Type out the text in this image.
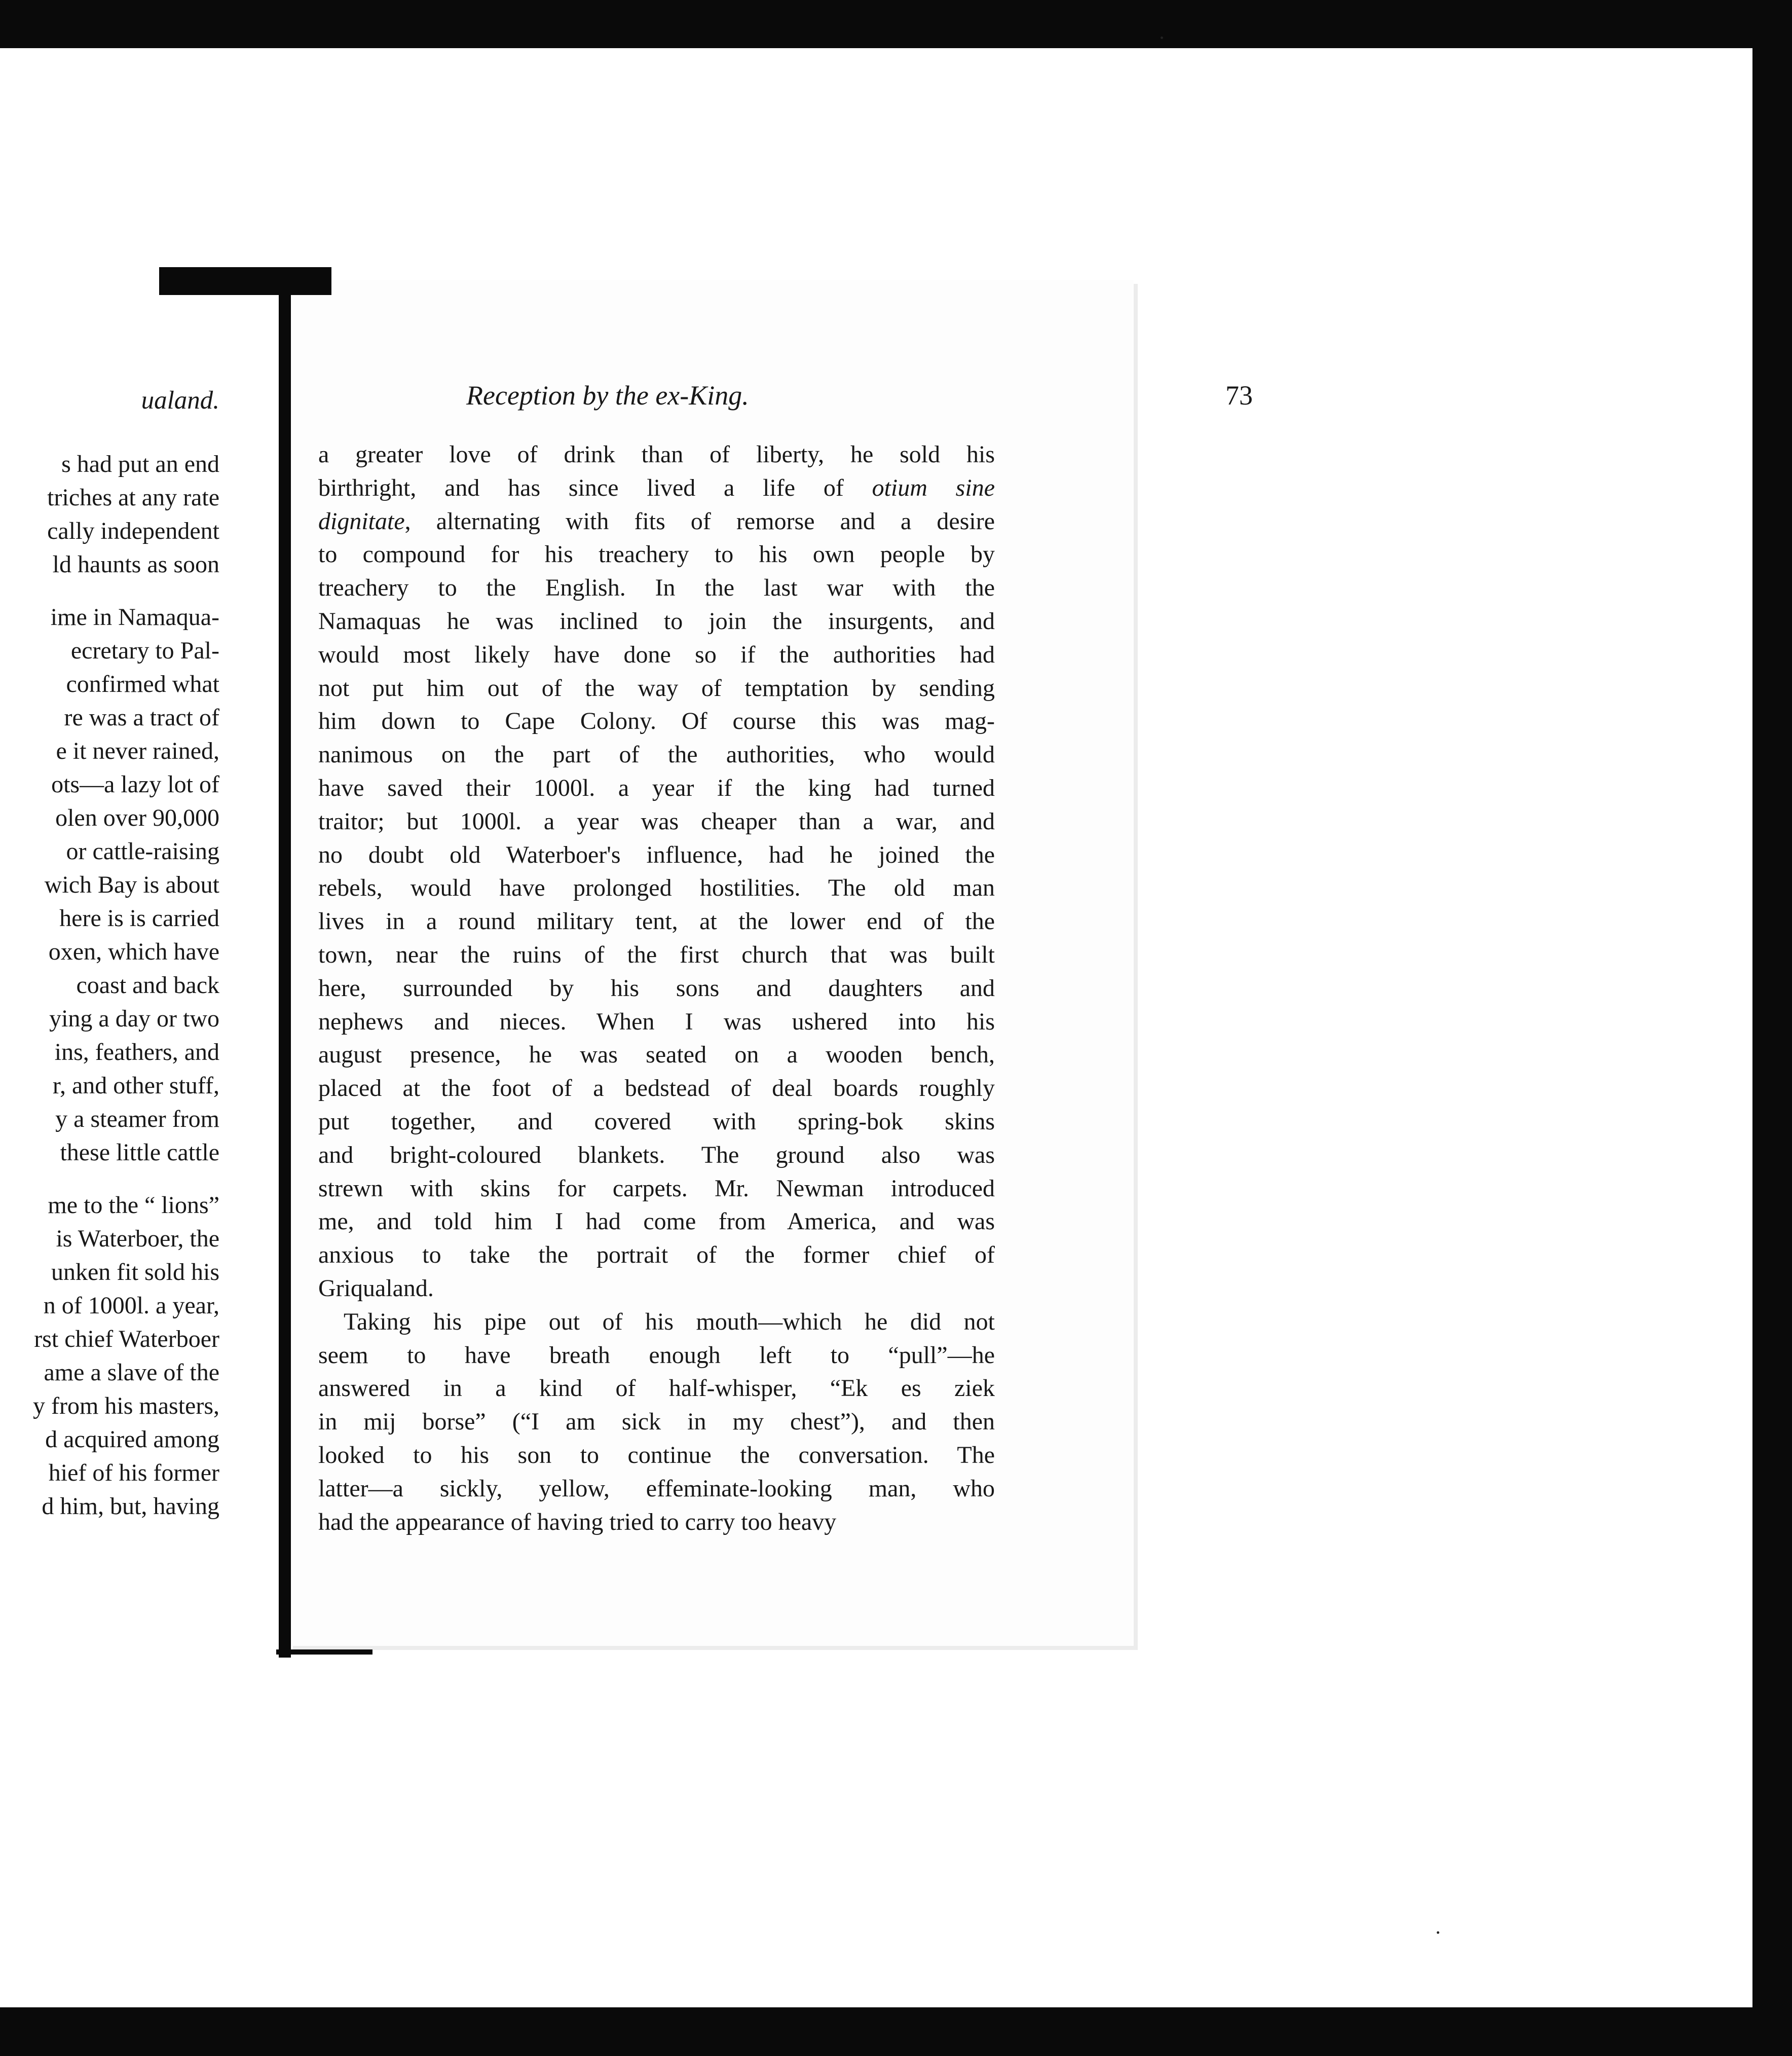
ualand.
s had put an end
triches at any rate
cally independent
ld haunts as soon
ime in Namaqua-
ecretary to Pal-
confirmed what
re was a tract of
e it never rained,
ots—a lazy lot of
olen over 90,000
or cattle-raising
wich Bay is about
here is is carried
oxen, which have
coast and back
ying a day or two
ins, feathers, and
r, and other stuff,
y a steamer from
these little cattle
me to the “ lions”
is Waterboer, the
unken fit sold his
n of 1000l. a year,
rst chief Waterboer
ame a slave of the
y from his masters,
d acquired among
hief of his former
d him, but, having
Reception by the ex-King.	73
a greater love of drink than of liberty, he sold his
birthright, and has since lived a life of otium sine
dignitate, alternating with fits of remorse and a desire
to compound for his treachery to his own people by
treachery to the English. In the last war with the
Namaquas he was inclined to join the insurgents, and
would most likely have done so if the authorities had
not put him out of the way of temptation by sending
him down to Cape Colony. Of course this was mag-
nanimous on the part of the authorities, who would
have saved their 1000l. a year if the king had turned
traitor; but 1000l. a year was cheaper than a war, and
no doubt old Waterboer's influence, had he joined the
rebels, would have prolonged hostilities. The old man
lives in a round military tent, at the lower end of the
town, near the ruins of the first church that was built
here, surrounded by his sons and daughters and
nephews and nieces. When I was ushered into his
august presence, he was seated on a wooden bench,
placed at the foot of a bedstead of deal boards roughly
put together, and covered with spring-bok skins
and bright-coloured blankets. The ground also was
strewn with skins for carpets. Mr. Newman introduced
me, and told him I had come from America, and was
anxious to take the portrait of the former chief of
Griqualand.
Taking his pipe out of his mouth—which he did not
seem to have breath enough left to “pull”—he
answered in a kind of half-whisper, “Ek es ziek
in mij borse” (“I am sick in my chest”), and then
looked to his son to continue the conversation. The
latter—a sickly, yellow, effeminate-looking man, who
had the appearance of having tried to carry too heavy
